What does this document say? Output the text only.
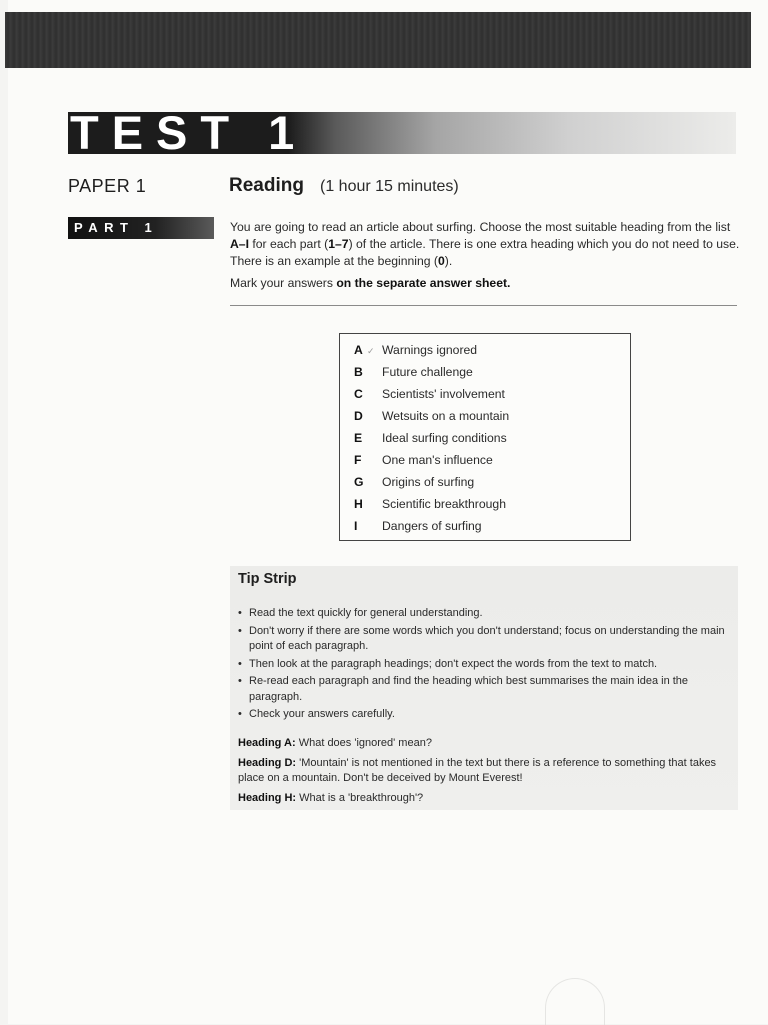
TEST 1
PAPER 1
PART 1
Reading (1 hour 15 minutes)
You are going to read an article about surfing. Choose the most suitable heading from the list A–I for each part (1–7) of the article. There is one extra heading which you do not need to use. There is an example at the beginning (0).
Mark your answers on the separate answer sheet.
A ✓ Warnings ignored
B	Future challenge
C	Scientists' involvement
D	Wetsuits on a mountain
E	Ideal surfing conditions
F	One man's influence
G	Origins of surfing
H	Scientific breakthrough
I	Dangers of surfing
Tip Strip
• Read the text quickly for general understanding.
• Don't worry if there are some words which you don't understand; focus on understanding the main point of each paragraph.
• Then look at the paragraph headings; don't expect the words from the text to match.
• Re-read each paragraph and find the heading which best summarises the main idea in the paragraph.
• Check your answers carefully.
Heading A: What does 'ignored' mean?
Heading D: 'Mountain' is not mentioned in the text but there is a reference to something that takes place on a mountain. Don't be deceived by Mount Everest!
Heading H: What is a 'breakthrough'?
